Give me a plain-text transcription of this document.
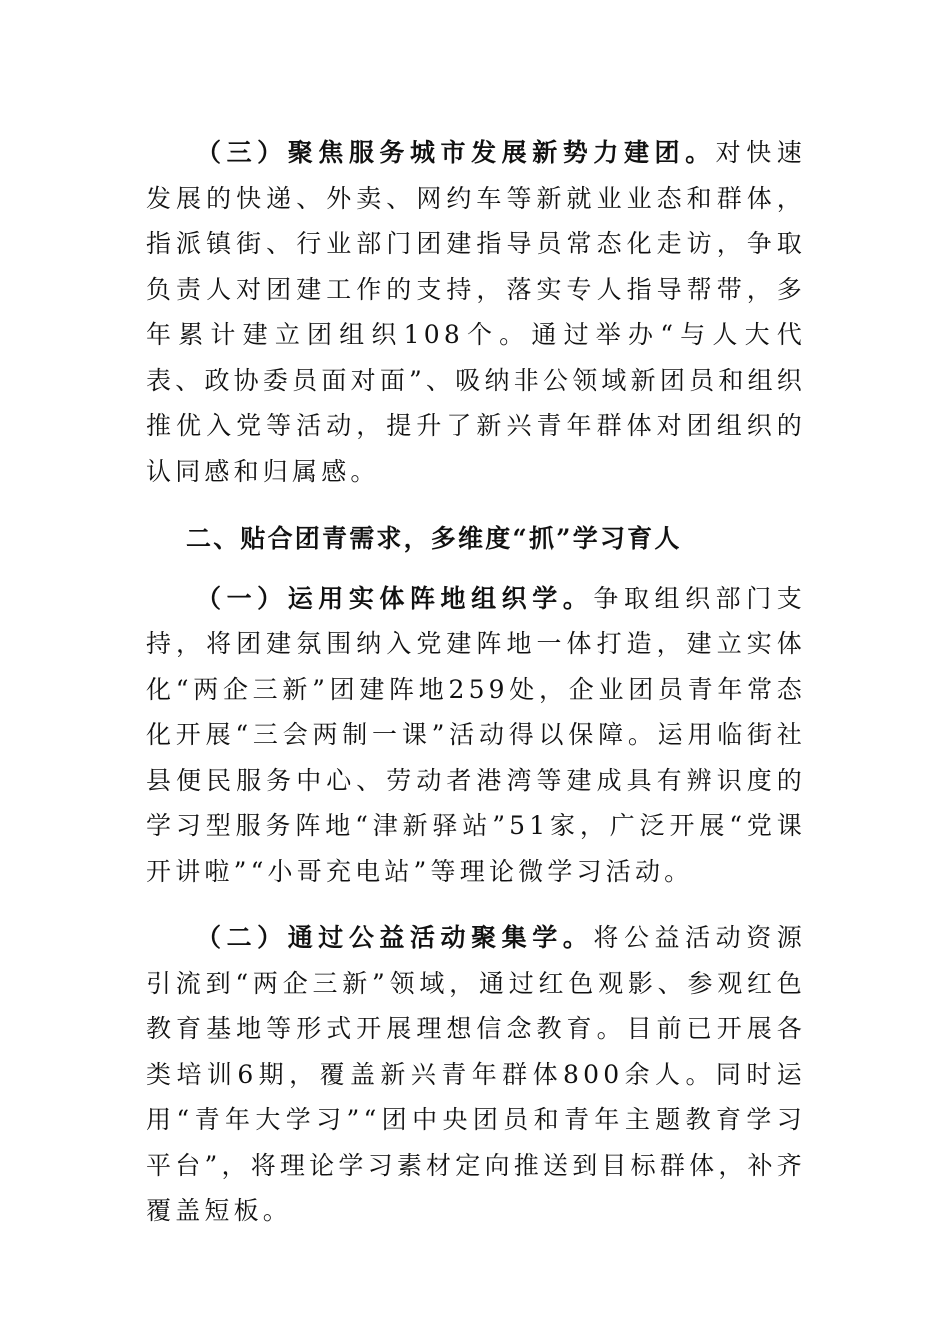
（三）聚焦服务城市发展新势力建团。对快速发展的快递、外卖、网约车等新就业业态和群体，指派镇街、行业部门团建指导员常态化走访，争取负责人对团建工作的支持，落实专人指导帮带，多年累计建立团组织108个。通过举办“与人大代表、政协委员面对面”、吸纳非公领域新团员和组织推优入党等活动，提升了新兴青年群体对团组织的认同感和归属感。

二、贴合团青需求，多维度“抓”学习育人

（一）运用实体阵地组织学。争取组织部门支持，将团建氛围纳入党建阵地一体打造，建立实体化“两企三新”团建阵地259处，企业团员青年常态化开展“三会两制一课”活动得以保障。运用临街社县便民服务中心、劳动者港湾等建成具有辨识度的学习型服务阵地“津新驿站”51家，广泛开展“党课开讲啦”“小哥充电站”等理论微学习活动。

（二）通过公益活动聚集学。将公益活动资源引流到“两企三新”领域，通过红色观影、参观红色教育基地等形式开展理想信念教育。目前已开展各类培训6期，覆盖新兴青年群体800余人。同时运用“青年大学习”“团中央团员和青年主题教育学习平台”，将理论学习素材定向推送到目标群体，补齐覆盖短板。
